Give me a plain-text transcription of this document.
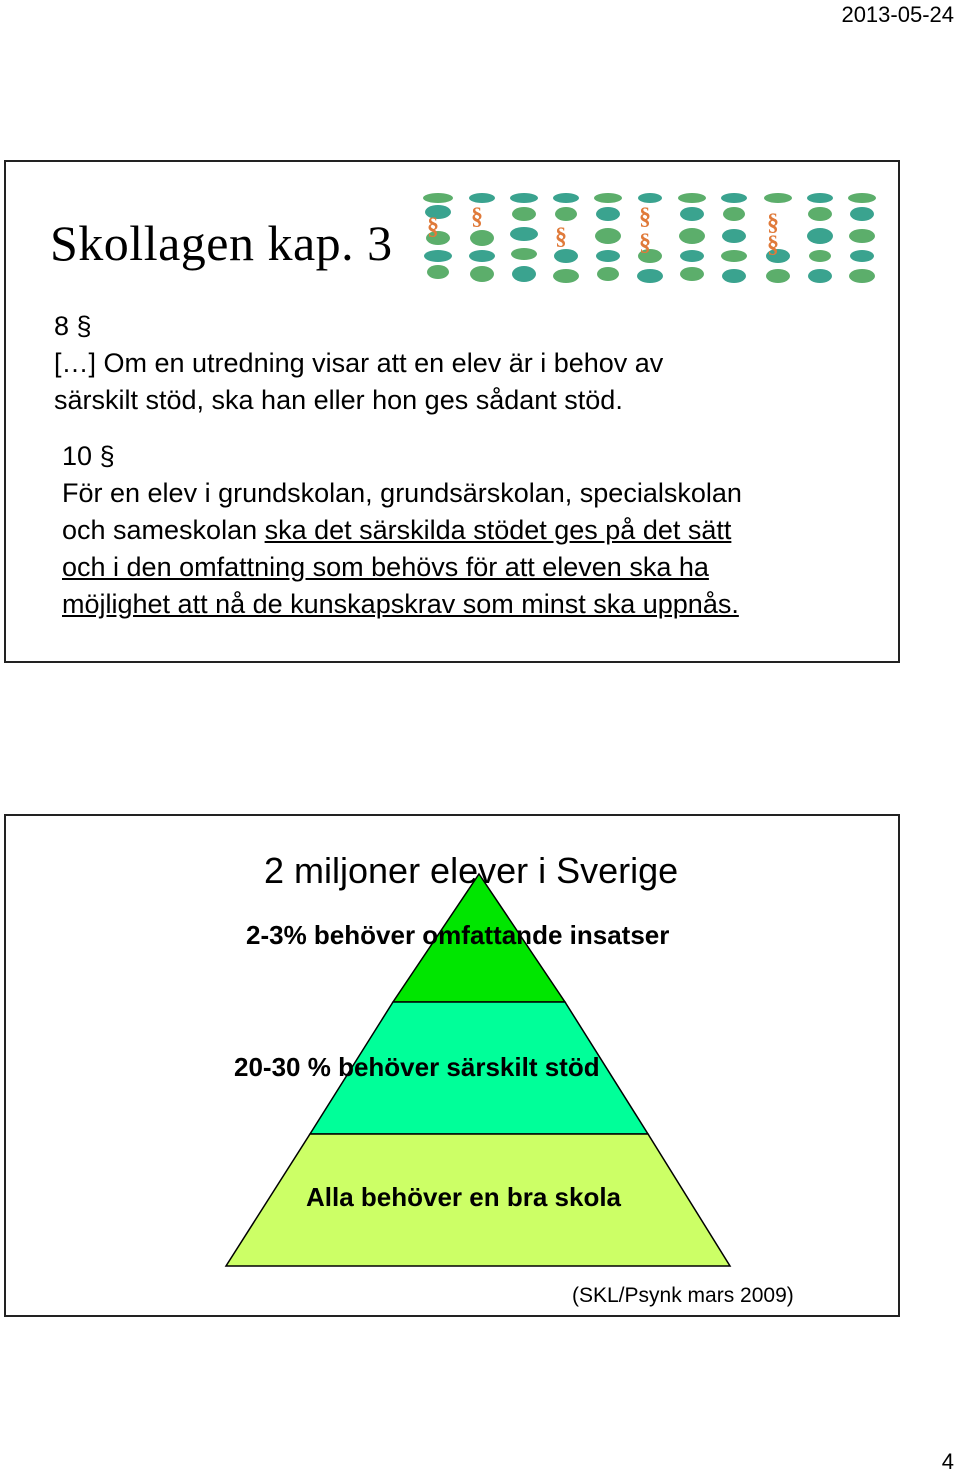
2013-05-24
Skollagen kap. 3 § §
§
§
§
§
§
8 §
[…] Om en utredning visar att en elev är i behov av
särskilt stöd, ska han eller hon ges sådant stöd.
10 §
För en elev i grundskolan, grundsärskolan, specialskolan
och sameskolan ska det särskilda stödet ges på det sätt
och i den omfattning som behövs för att eleven ska ha
möjlighet att nå de kunskapskrav som minst ska uppnås.
2 miljoner elever i Sverige
2-3% behöver omfattande insatser
20-30 % behöver särskilt stöd
Alla behöver en bra skola
(SKL/Psynk mars 2009)
4
